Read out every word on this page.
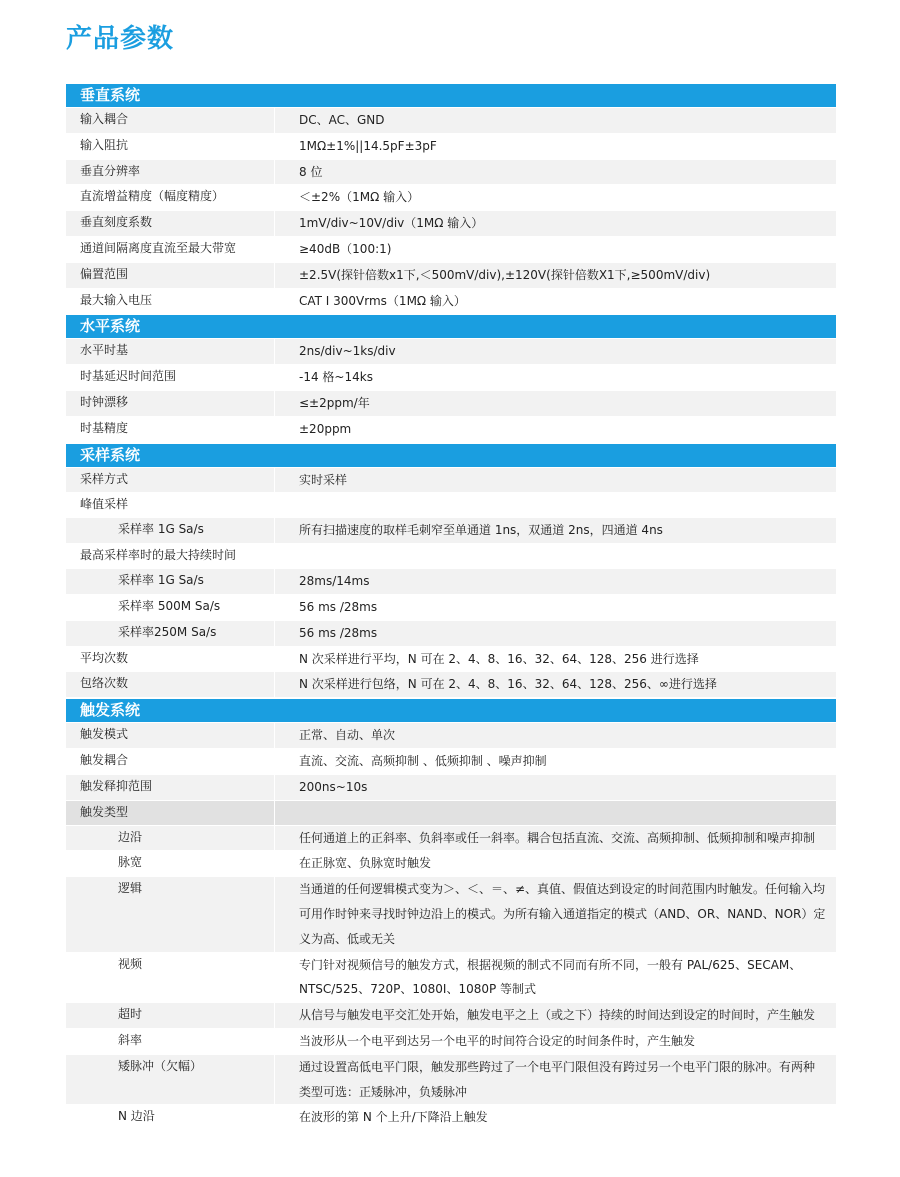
产品参数
垂直系统
输入耦合	DC、AC、GND
输入阻抗	1MΩ±1%||14.5pF±3pF
垂直分辨率	8 位
直流增益精度（幅度精度）	＜±2%（1MΩ 输入）
垂直刻度系数	1mV/div~10V/div（1MΩ 输入）
通道间隔离度直流至最大带宽	≥40dB（100:1)
偏置范围	±2.5V(探针倍数x1下,＜500mV/div),±120V(探针倍数X1下,≥500mV/div)
最大输入电压	CAT I 300Vrms（1MΩ 输入）
水平系统
水平时基	2ns/div~1ks/div
时基延迟时间范围	-14 格~14ks
时钟漂移	≤±2ppm/年
时基精度	±20ppm
采样系统
采样方式	实时采样
峰值采样
采样率 1G Sa/s	所有扫描速度的取样毛刺窄至单通道 1ns，双通道 2ns，四通道 4ns
最高采样率时的最大持续时间
采样率 1G Sa/s	28ms/14ms
采样率 500M Sa/s	56 ms /28ms
采样率250M Sa/s	56 ms /28ms
平均次数	N 次采样进行平均，N 可在 2、4、8、16、32、64、128、256 进行选择
包络次数	N 次采样进行包络，N 可在 2、4、8、16、32、64、128、256、∞进行选择
触发系统
触发模式	正常、自动、单次
触发耦合	直流、交流、高频抑制 、低频抑制 、噪声抑制
触发释抑范围	200ns~10s
触发类型
边沿	任何通道上的正斜率、负斜率或任一斜率。耦合包括直流、交流、高频抑制、低频抑制和噪声抑制
脉宽	在正脉宽、负脉宽时触发
逻辑	当通道的任何逻辑模式变为＞、＜、＝、≠、真值、假值达到设定的时间范围内时触发。任何输入均可用作时钟来寻找时钟边沿上的模式。为所有输入通道指定的模式（AND、OR、NAND、NOR）定义为高、低或无关
视频	专门针对视频信号的触发方式，根据视频的制式不同而有所不同，一般有 PAL/625、SECAM、NTSC/525、720P、1080I、1080P 等制式
超时	从信号与触发电平交汇处开始，触发电平之上（或之下）持续的时间达到设定的时间时，产生触发
斜率	当波形从一个电平到达另一个电平的时间符合设定的时间条件时，产生触发
矮脉冲（欠幅）	通过设置高低电平门限，触发那些跨过了一个电平门限但没有跨过另一个电平门限的脉冲。有两种类型可选：正矮脉冲，负矮脉冲
N 边沿	在波形的第 N 个上升/下降沿上触发
